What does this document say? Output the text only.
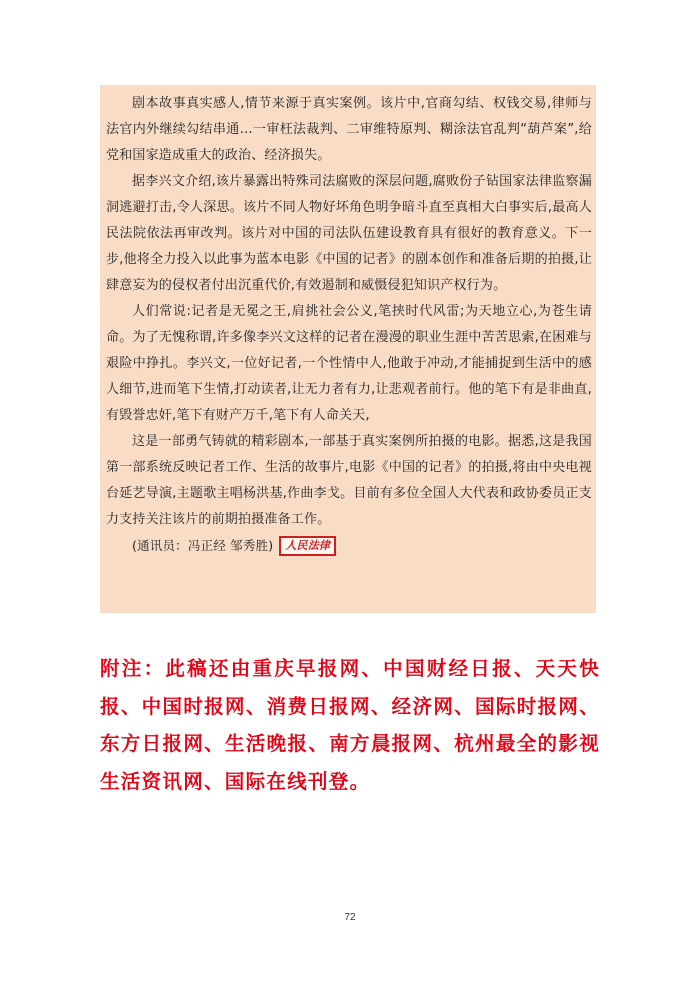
剧本故事真实感人,情节来源于真实案例。该片中,官商勾结、权钱交易,律师与法官内外继续勾结串通…一审枉法裁判、二审维特原判、糊涂法官乱判“葫芦案”,给党和国家造成重大的政治、经济损失。

据李兴文介绍,该片暴露出特殊司法腐败的深层问题,腐败份子钻国家法律监察漏洞逃避打击,令人深思。该片不同人物好坏角色明争暗斗直至真相大白事实后,最高人民法院依法再审改判。该片对中国的司法队伍建设教育具有很好的教育意义。下一步,他将全力投入以此事为蓝本电影《中国的记者》的剧本创作和准备后期的拍摄,让肆意妄为的侵权者付出沉重代价,有效遏制和威慑侵犯知识产权行为。

人们常说:记者是无冕之王,肩挑社会公义,笔挟时代风雷;为天地立心,为苍生请命。为了无愧称谓,许多像李兴文这样的记者在漫漫的职业生涯中苦苦思索,在困难与艰险中挣扎。李兴文,一位好记者,一个性情中人,他敢于冲动,才能捕捉到生活中的感人细节,进而笔下生情,打动读者,让无力者有力,让悲观者前行。他的笔下有是非曲直,有毁誉忠奸,笔下有财产万千,笔下有人命关天,

这是一部勇气铸就的精彩剧本,一部基于真实案例所拍摄的电影。据悉,这是我国第一部系统反映记者工作、生活的故事片,电影《中国的记者》的拍摄,将由中央电视台延艺导演,主题歌主唱杨洪基,作曲李戈。目前有多位全国人大代表和政协委员正支力支持关注该片的前期拍摄准备工作。

(通讯员：冯正经 邹秀胜)	人民法律

附注：此稿还由重庆早报网、中国财经日报、天天快报、中国时报网、消费日报网、经济网、国际时报网、东方日报网、生活晚报、南方晨报网、杭州最全的影视生活资讯网、国际在线刊登。

72
